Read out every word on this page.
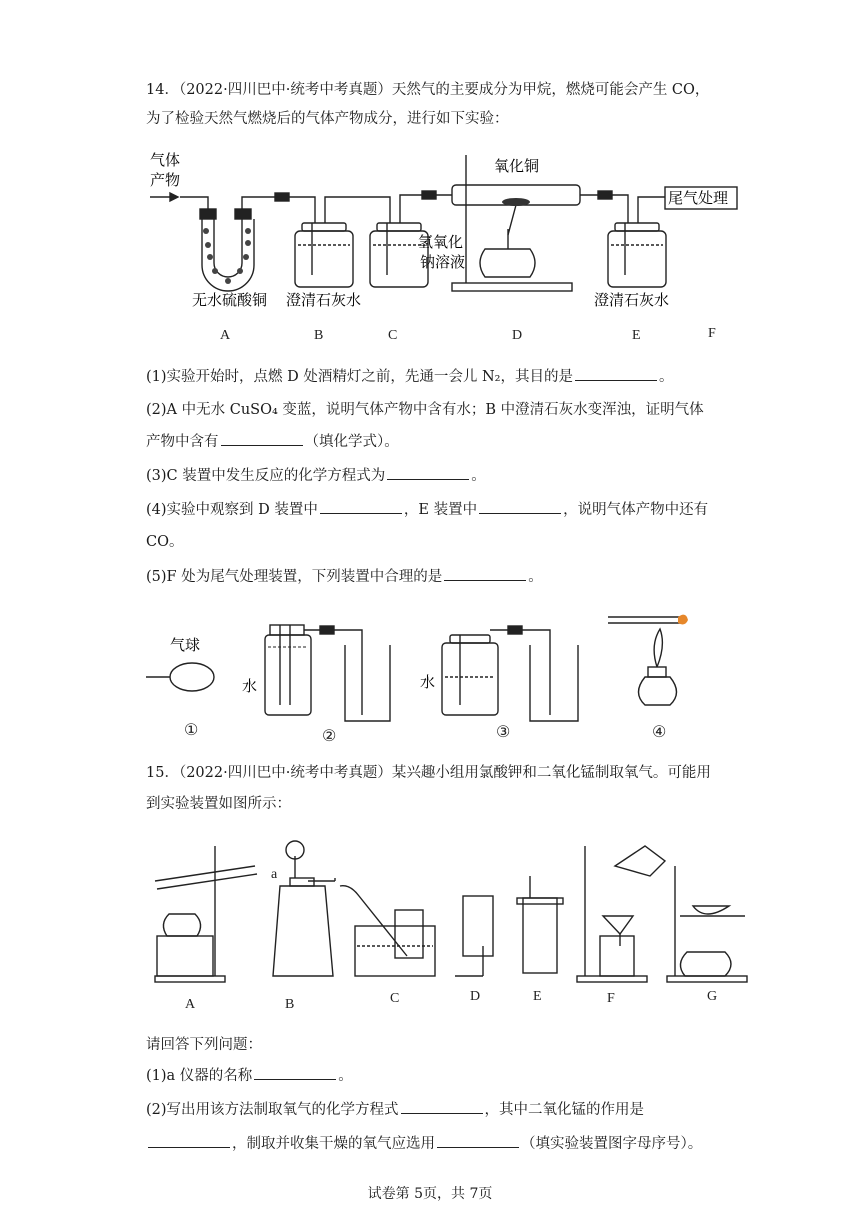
14．（2022·四川巴中·统考中考真题）天然气的主要成分为甲烷，燃烧可能会产生 CO，
为了检验天然气燃烧后的气体产物成分，进行如下实验：
气体
产物
氧化铜
氢氧化
钠溶液
尾气处理
无水硫酸铜 澄清石灰水	澄清石灰水
A	B	C	D	E	F
(1)实验开始时，点燃 D 处酒精灯之前，先通一会儿 N₂，其目的是	。
(2)A 中无水 CuSO₄ 变蓝，说明气体产物中含有水；B 中澄清石灰水变浑浊，证明气体
产物中含有	（填化学式）。
(3)C 装置中发生反应的化学方程式为	。
(4)实验中观察到 D 装置中	，E 装置中	，说明气体产物中还有
CO。
(5)F 处为尾气处理装置，下列装置中合理的是	。
气球
水	水
①	②	③	④
15．（2022·四川巴中·统考中考真题）某兴趣小组用氯酸钾和二氧化锰制取氧气。可能用
到实验装置如图所示：
a
A	B	C	D	E	F	G
请回答下列问题：
(1)a 仪器的名称	。
(2)写出用该方法制取氧气的化学方程式	，其中二氧化锰的作用是
，制取并收集干燥的氧气应选用	（填实验装置图字母序号）。
试卷第 5页，共 7页
